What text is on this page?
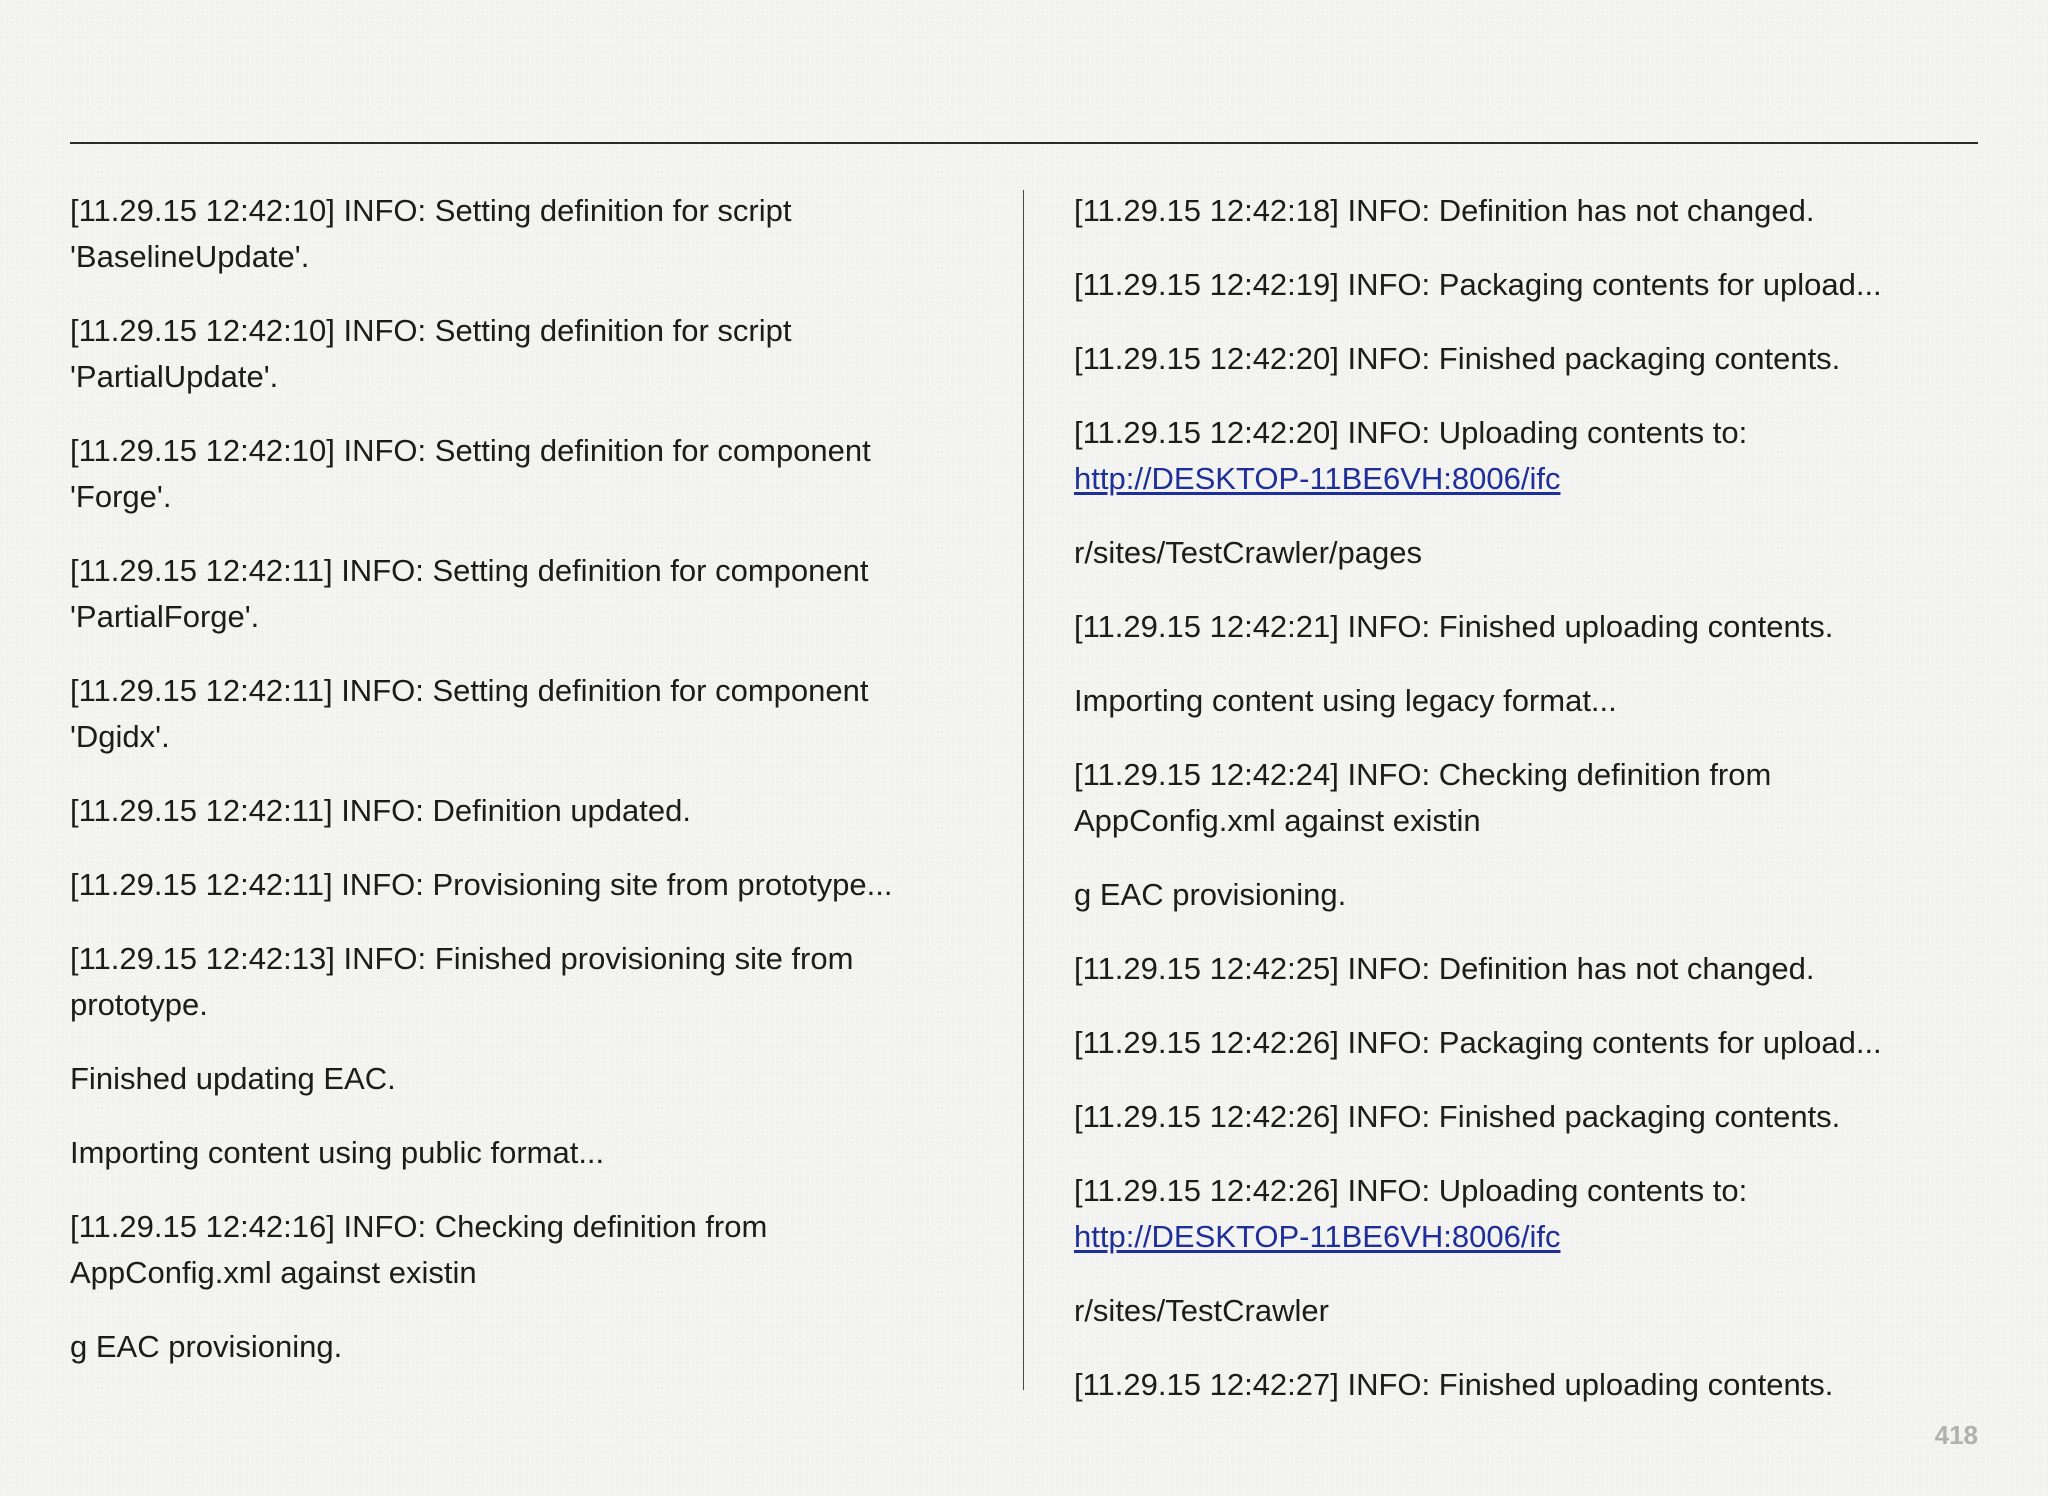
[11.29.15 12:42:10] INFO: Setting definition for script 'BaselineUpdate'.

[11.29.15 12:42:10] INFO: Setting definition for script 'PartialUpdate'.

[11.29.15 12:42:10] INFO: Setting definition for component 'Forge'.

[11.29.15 12:42:11] INFO: Setting definition for component 'PartialForge'.

[11.29.15 12:42:11] INFO: Setting definition for component 'Dgidx'.

[11.29.15 12:42:11] INFO: Definition updated.

[11.29.15 12:42:11] INFO: Provisioning site from prototype...

[11.29.15 12:42:13] INFO: Finished provisioning site from prototype.

Finished updating EAC.

Importing content using public format...

[11.29.15 12:42:16] INFO: Checking definition from AppConfig.xml against existin

g EAC provisioning.

[11.29.15 12:42:18] INFO: Definition has not changed.

[11.29.15 12:42:19] INFO: Packaging contents for upload...

[11.29.15 12:42:20] INFO: Finished packaging contents.

[11.29.15 12:42:20] INFO: Uploading contents to: http://DESKTOP-11BE6VH:8006/ifc

r/sites/TestCrawler/pages

[11.29.15 12:42:21] INFO: Finished uploading contents.

Importing content using legacy format...

[11.29.15 12:42:24] INFO: Checking definition from AppConfig.xml against existin

g EAC provisioning.

[11.29.15 12:42:25] INFO: Definition has not changed.

[11.29.15 12:42:26] INFO: Packaging contents for upload...

[11.29.15 12:42:26] INFO: Finished packaging contents.

[11.29.15 12:42:26] INFO: Uploading contents to: http://DESKTOP-11BE6VH:8006/ifc

r/sites/TestCrawler

[11.29.15 12:42:27] INFO: Finished uploading contents.

418
